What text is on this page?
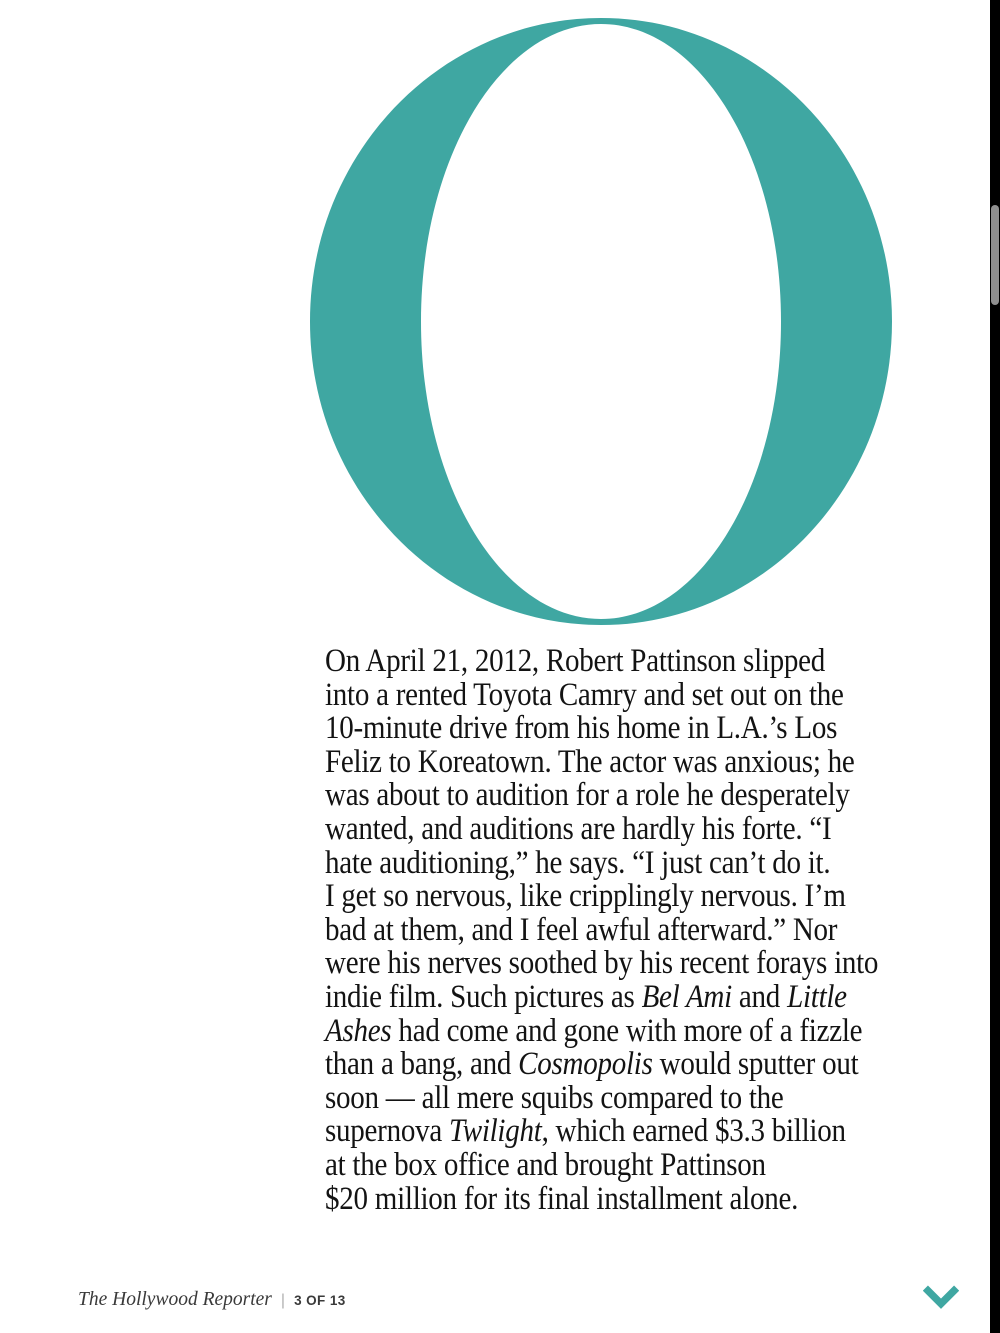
On April 21, 2012, Robert Pattinson slipped
into a rented Toyota Camry and set out on the
10-minute drive from his home in L.A.’s Los
Feliz to Koreatown. The actor was anxious; he
was about to audition for a role he desperately
wanted, and auditions are hardly his forte. “I
hate auditioning,” he says. “I just can’t do it.
I get so nervous, like cripplingly nervous. I’m
bad at them, and I feel awful afterward.” Nor
were his nerves soothed by his recent forays into
indie film. Such pictures as Bel Ami and Little
Ashes had come and gone with more of a fizzle
than a bang, and Cosmopolis would sputter out
soon — all mere squibs compared to the
supernova Twilight, which earned $3.3 billion
at the box office and brought Pattinson
$20 million for its final installment alone.
The Hollywood Reporter | 3 OF 13
